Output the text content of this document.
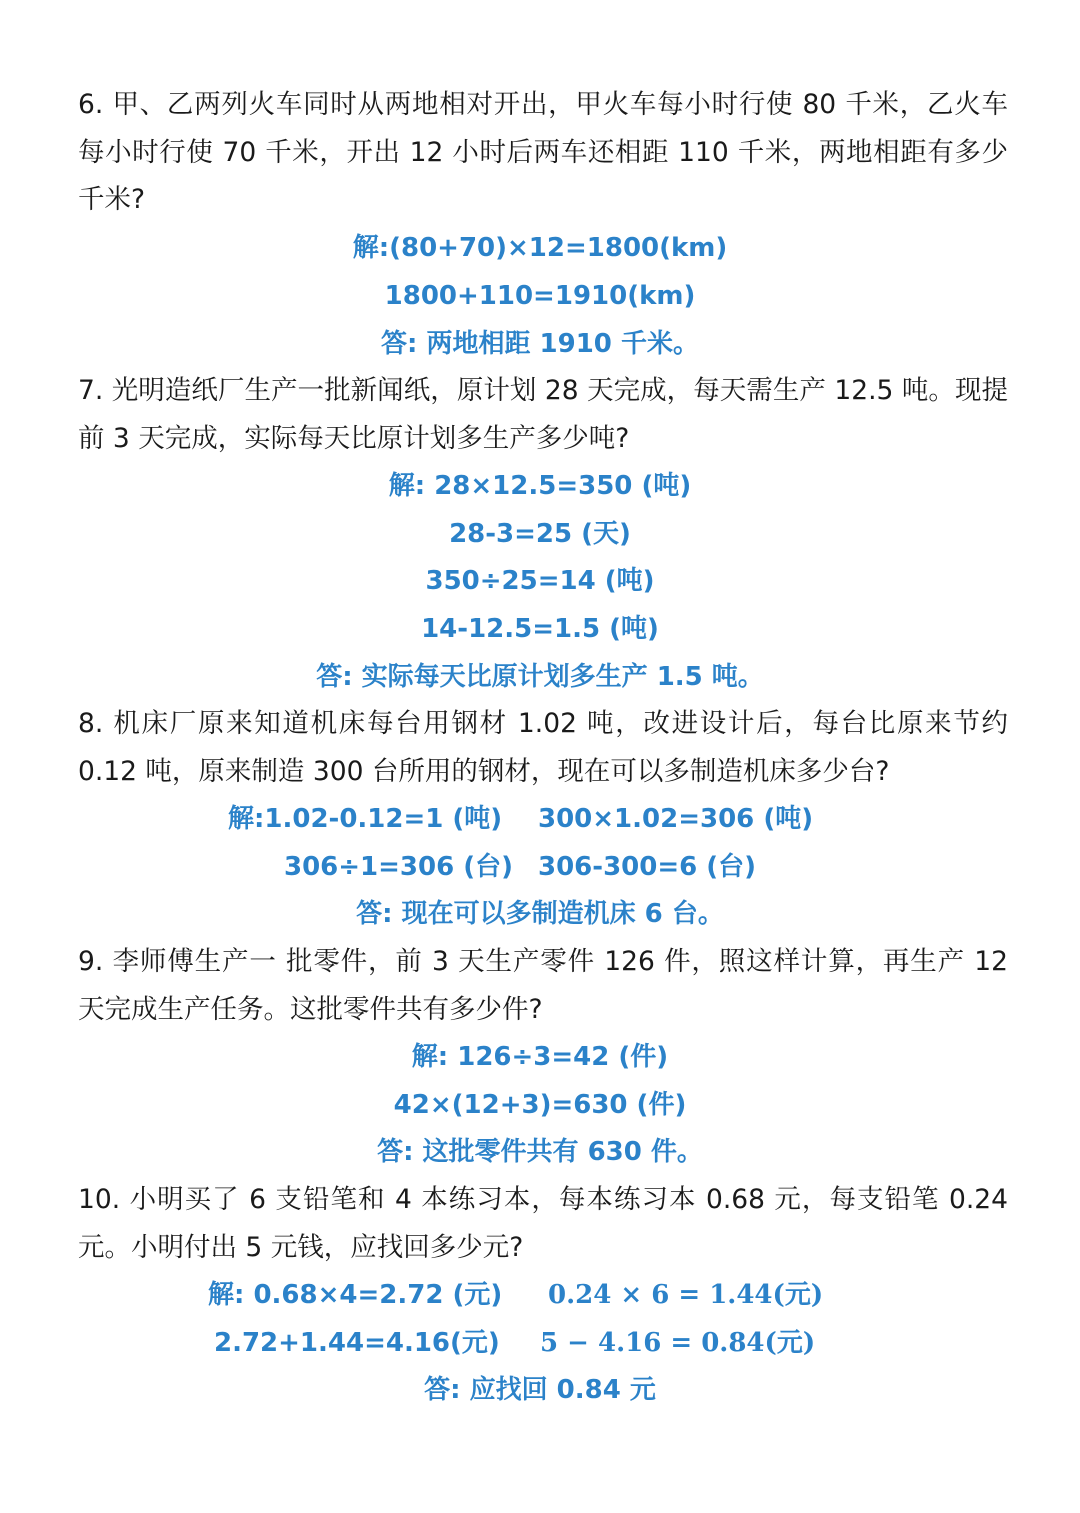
6. 甲、乙两列火车同时从两地相对开出，甲火车每小时行使 80 千米，乙火车每小时行使 70 千米，开出 12 小时后两车还相距 110 千米，两地相距有多少千米?

解:(80+70)×12=1800(km)
1800+110=1910(km)
答: 两地相距 1910 千米。

7. 光明造纸厂生产一批新闻纸，原计划 28 天完成，每天需生产 12.5 吨。现提前 3 天完成，实际每天比原计划多生产多少吨?

解: 28×12.5=350 (吨)
28-3=25 (天)
350÷25=14 (吨)
14-12.5=1.5 (吨)
答: 实际每天比原计划多生产 1.5 吨。

8. 机床厂原来知道机床每台用钢材 1.02 吨，改进设计后，每台比原来节约 0.12 吨，原来制造 300 台所用的钢材，现在可以多制造机床多少台?

解:1.02-0.12=1 (吨)

300×1.02=306 (吨)

306÷1=306 (台)

306-300=6 (台)

答: 现在可以多制造机床 6 台。

9. 李师傅生产一 批零件，前 3 天生产零件 126 件，照这样计算，再生产 12 天完成生产任务。这批零件共有多少件?

解: 126÷3=42 (件)
42×(12+3)=630 (件)
答: 这批零件共有 630 件。

10. 小明买了 6 支铅笔和 4 本练习本，每本练习本 0.68 元，每支铅笔 0.24 元。小明付出 5 元钱，应找回多少元?

解: 0.68×4=2.72 (元)

0.24 × 6 = 1.44(元)

2.72+1.44=4.16(元)

5 − 4.16 = 0.84(元)

答: 应找回 0.84 元
